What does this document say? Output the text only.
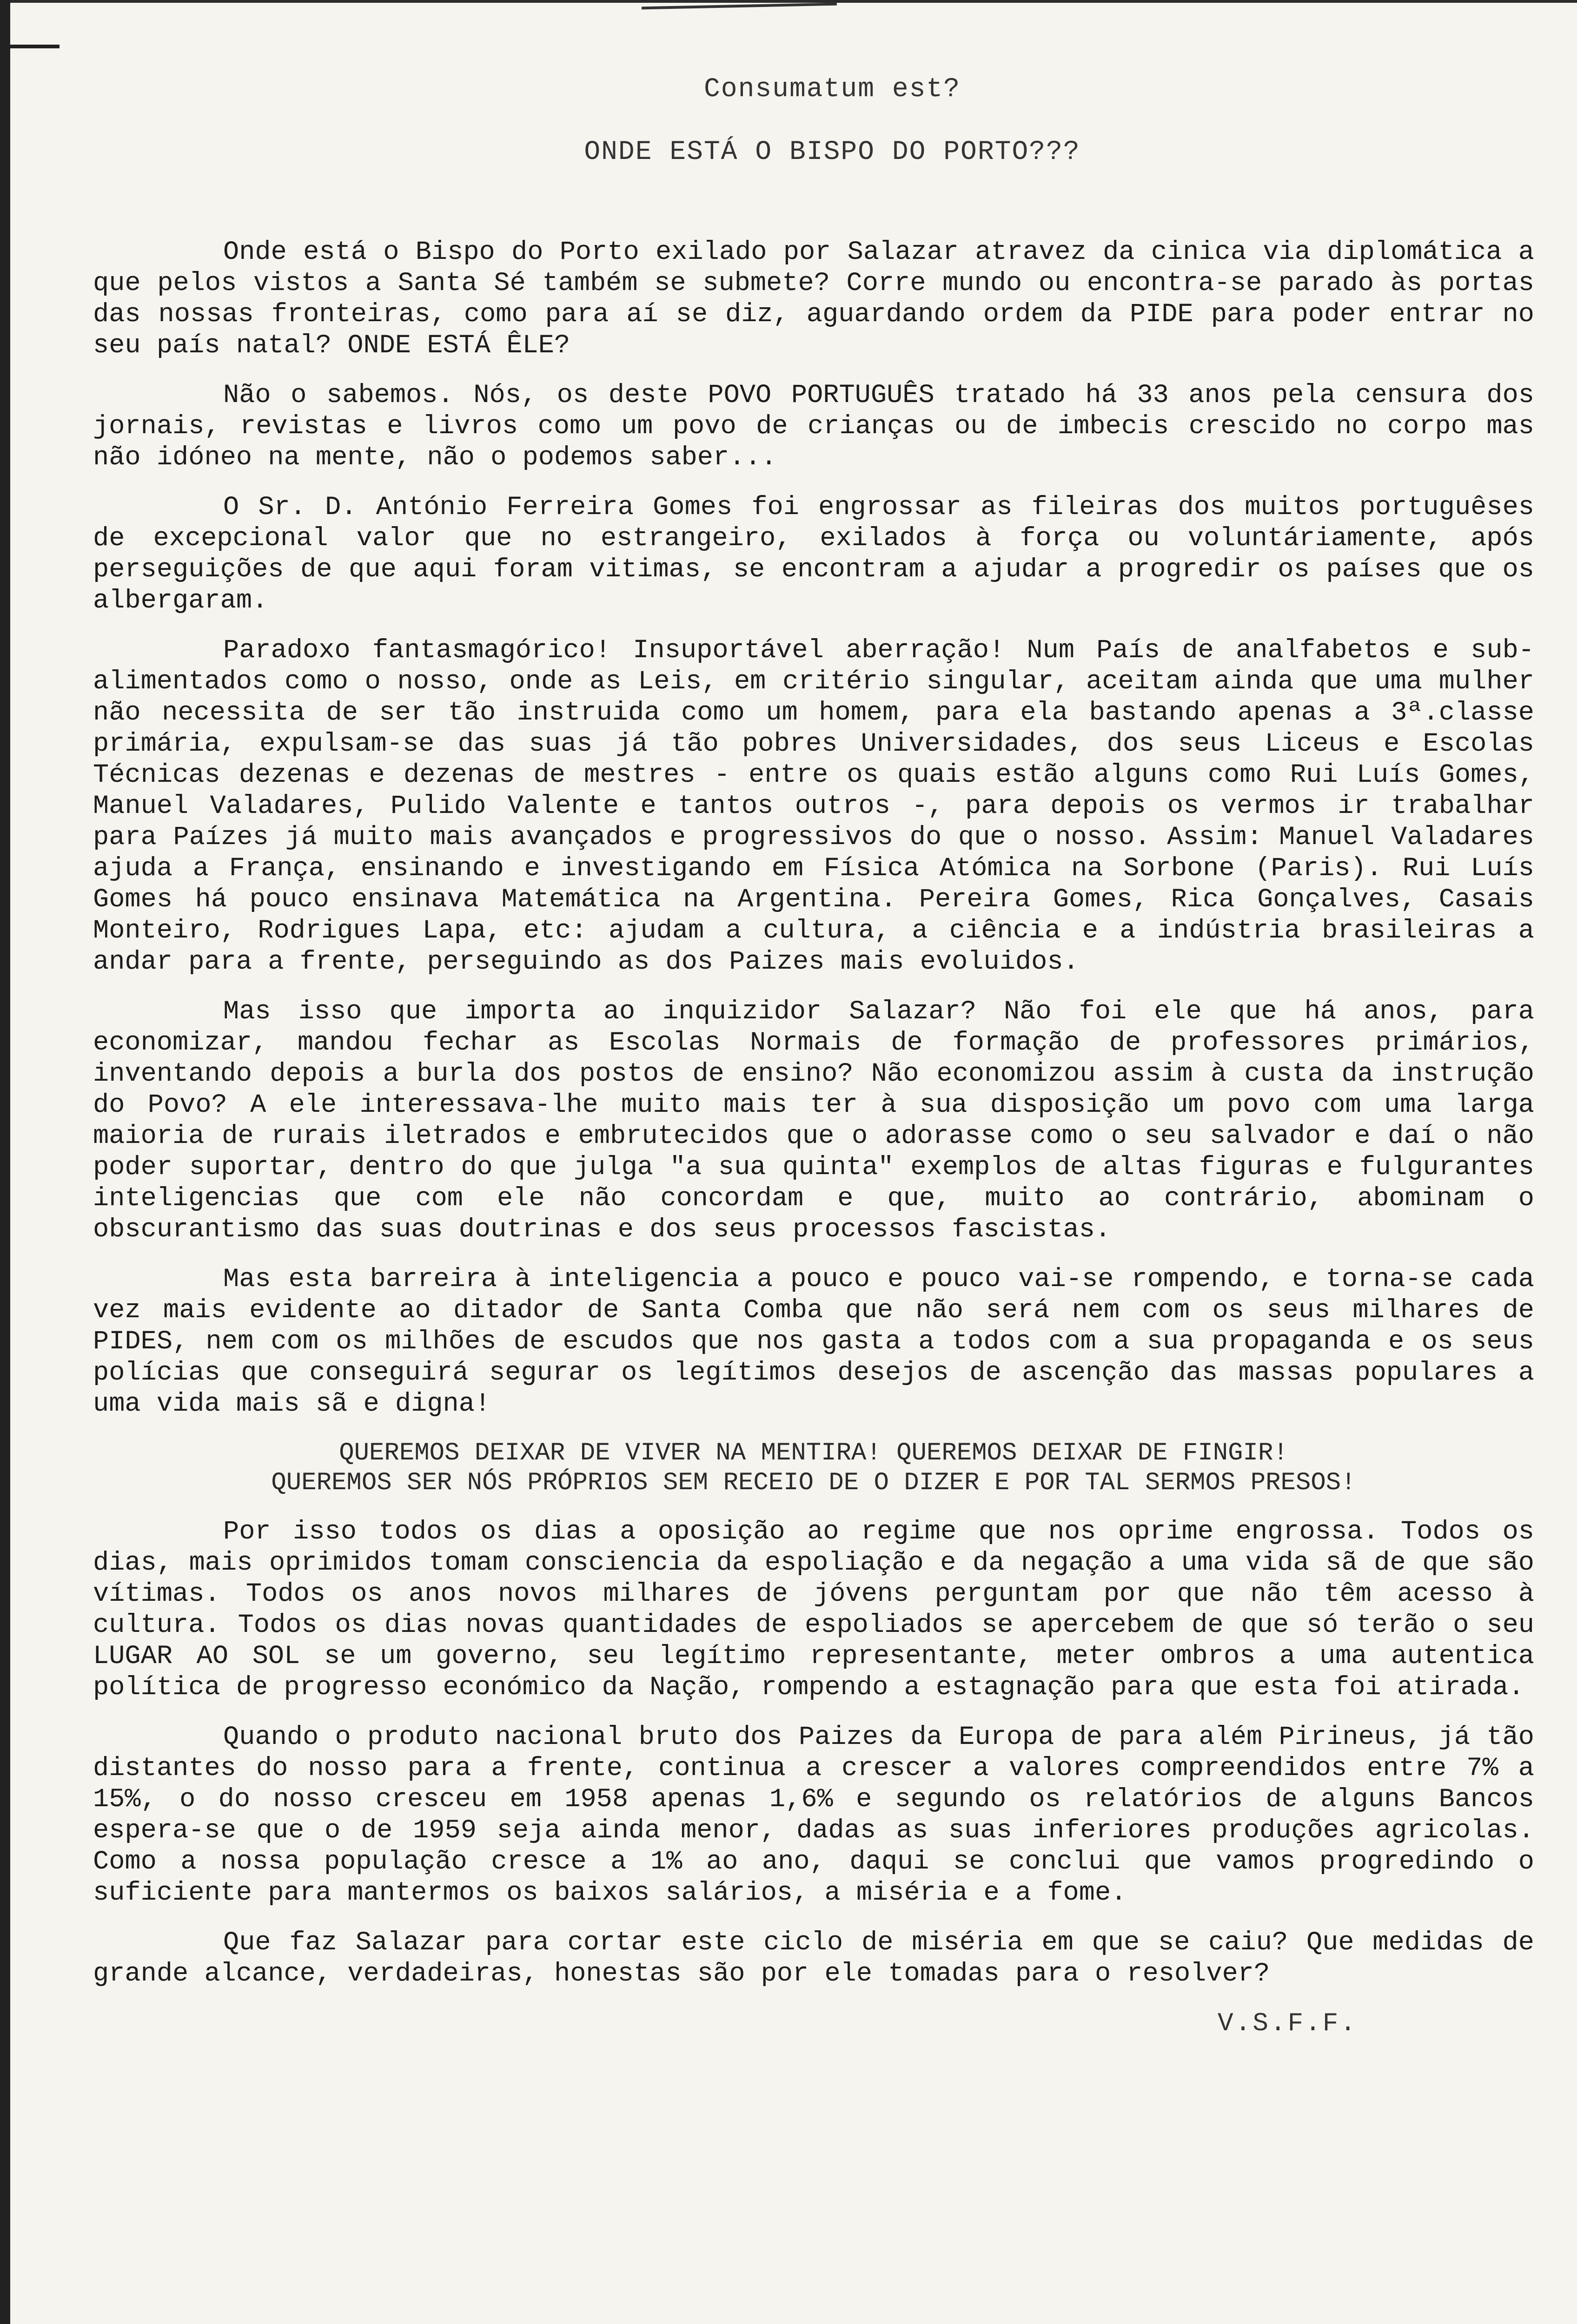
Consumatum est?
ONDE ESTÁ O BISPO DO PORTO???

Onde está o Bispo do Porto exilado por Salazar atravez da cinica via diplomática a que pelos vistos a Santa Sé também se submete? Corre mundo ou encontra-se parado às portas das nossas fronteiras, como para aí se diz, aguardando ordem da PIDE para poder entrar no seu país natal? ONDE ESTÁ ÊLE?

Não o sabemos. Nós, os deste POVO PORTUGUÊS tratado há 33 anos pela censura dos jornais, revistas e livros como um povo de crianças ou de imbecis crescido no corpo mas não idóneo na mente, não o podemos saber...

O Sr. D. António Ferreira Gomes foi engrossar as fileiras dos muitos portuguêses de excepcional valor que no estrangeiro, exilados à força ou voluntáriamente, após perseguições de que aqui foram vitimas, se encontram a ajudar a progredir os países que os albergaram.

Paradoxo fantasmagórico! Insuportável aberração! Num País de analfabetos e sub-alimentados como o nosso, onde as Leis, em critério singular, aceitam ainda que uma mulher não necessita de ser tão instruida como um homem, para ela bastando apenas a 3ª.classe primária, expulsam-se das suas já tão pobres Universidades, dos seus Liceus e Escolas Técnicas dezenas e dezenas de mestres - entre os quais estão alguns como Rui Luís Gomes, Manuel Valadares, Pulido Valente e tantos outros -, para depois os vermos ir trabalhar para Paízes já muito mais avançados e progressivos do que o nosso. Assim: Manuel Valadares ajuda a França, ensinando e investigando em Física Atómica na Sorbone (Paris). Rui Luís Gomes há pouco ensinava Matemática na Argentina. Pereira Gomes, Rica Gonçalves, Casais Monteiro, Rodrigues Lapa, etc: ajudam a cultura, a ciência e a indústria brasileiras a andar para a frente, perseguindo as dos Paizes mais evoluidos.

Mas isso que importa ao inquizidor Salazar? Não foi ele que há anos, para economizar, mandou fechar as Escolas Normais de formação de professores primários, inventando depois a burla dos postos de ensino? Não economizou assim à custa da instrução do Povo? A ele interessava-lhe muito mais ter à sua disposição um povo com uma larga maioria de rurais iletrados e embrutecidos que o adorasse como o seu salvador e daí o não poder suportar, dentro do que julga "a sua quinta" exemplos de altas figuras e fulgurantes inteligencias que com ele não concordam e que, muito ao contrário, abominam o obscurantismo das suas doutrinas e dos seus processos fascistas.

Mas esta barreira à inteligencia a pouco e pouco vai-se rompendo, e torna-se cada vez mais evidente ao ditador de Santa Comba que não será nem com os seus milhares de PIDES, nem com os milhões de escudos que nos gasta a todos com a sua propaganda e os seus polícias que conseguirá segurar os legítimos desejos de ascenção das massas populares a uma vida mais sã e digna!

QUEREMOS DEIXAR DE VIVER NA MENTIRA! QUEREMOS DEIXAR DE FINGIR!
QUEREMOS SER NÓS PRÓPRIOS SEM RECEIO DE O DIZER E POR TAL SERMOS PRESOS!

Por isso todos os dias a oposição ao regime que nos oprime engrossa. Todos os dias, mais oprimidos tomam consciencia da espoliação e da negação a uma vida sã de que são vítimas. Todos os anos novos milhares de jóvens perguntam por que não têm acesso à cultura. Todos os dias novas quantidades de espoliados se apercebem de que só terão o seu LUGAR AO SOL se um governo, seu legítimo representante, meter ombros a uma autentica política de progresso económico da Nação, rompendo a estagnação para que esta foi atirada.

Quando o produto nacional bruto dos Paizes da Europa de para além Pirineus, já tão distantes do nosso para a frente, continua a crescer a valores compreendidos entre 7% a 15%, o do nosso cresceu em 1958 apenas 1,6% e segundo os relatórios de alguns Bancos espera-se que o de 1959 seja ainda menor, dadas as suas inferiores produções agricolas. Como a nossa população cresce a 1% ao ano, daqui se conclui que vamos progredindo o suficiente para mantermos os baixos salários, a miséria e a fome.

Que faz Salazar para cortar este ciclo de miséria em que se caiu? Que medidas de grande alcance, verdadeiras, honestas são por ele tomadas para o resolver?

V.S.F.F.
